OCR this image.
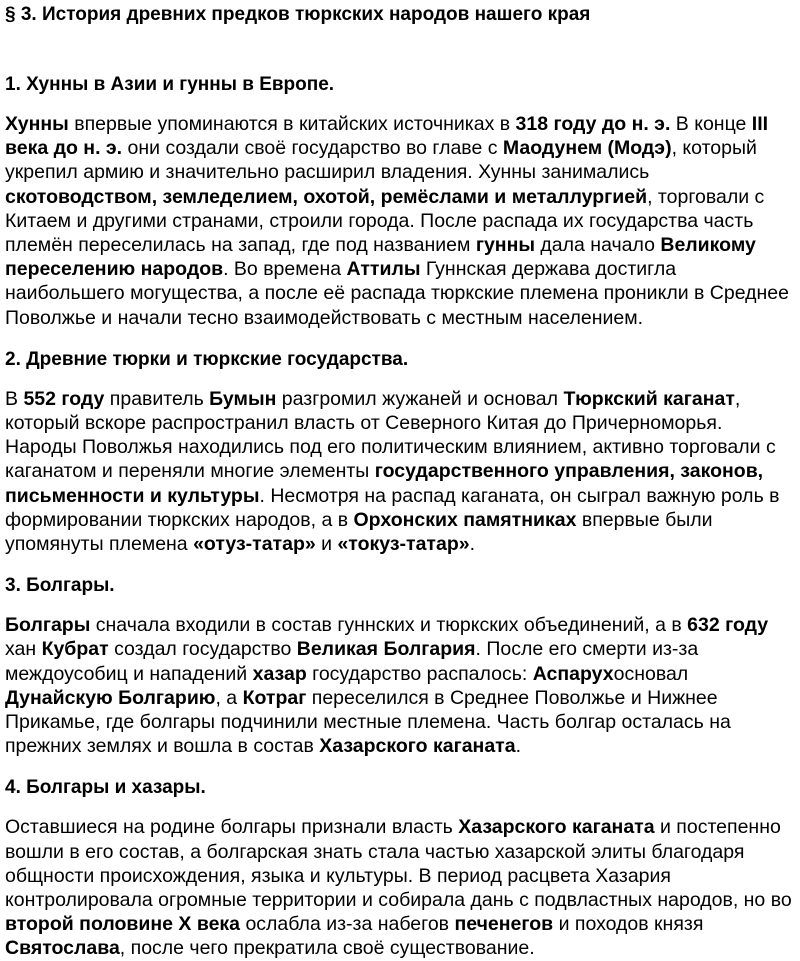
§ 3. История древних предков тюркских народов нашего края
1. Хунны в Азии и гунны в Европе.

Хунны впервые упоминаются в китайских источниках в 318 году до н. э. В конце III века до н. э. они создали своё государство во главе с Маодунем (Модэ), который укрепил армию и значительно расширил владения. Хунны занимались скотоводством, земледелием, охотой, ремёслами и металлургией, торговали с Китаем и другими странами, строили города. После распада их государства часть племён переселилась на запад, где под названием гунны дала начало Великому переселению народов. Во времена Аттилы Гуннская держава достигла наибольшего могущества, а после её распада тюркские племена проникли в Среднее Поволжье и начали тесно взаимодействовать с местным населением.

2. Древние тюрки и тюркские государства.

В 552 году правитель Бумын разгромил жужаней и основал Тюркский каганат, который вскоре распространил власть от Северного Китая до Причерноморья. Народы Поволжья находились под его политическим влиянием, активно торговали с каганатом и переняли многие элементы государственного управления, законов, письменности и культуры. Несмотря на распад каганата, он сыграл важную роль в формировании тюркских народов, а в Орхонских памятниках впервые были упомянуты племена «отуз-татар» и «токуз-татар».

3. Болгары.

Болгары сначала входили в состав гуннских и тюркских объединений, а в 632 году хан Кубрат создал государство Великая Болгария. После его смерти из-за междоусобиц и нападений хазар государство распалось: Аспарухосновал Дунайскую Болгарию, а Котраг переселился в Среднее Поволжье и Нижнее Прикамье, где болгары подчинили местные племена. Часть болгар осталась на прежних землях и вошла в состав Хазарского каганата.

4. Болгары и хазары.

Оставшиеся на родине болгары признали власть Хазарского каганата и постепенно вошли в его состав, а болгарская знать стала частью хазарской элиты благодаря общности происхождения, языка и культуры. В период расцвета Хазария контролировала огромные территории и собирала дань с подвластных народов, но во второй половине X века ослабла из-за набегов печенегов и походов князя Святослава, после чего прекратила своё существование.
